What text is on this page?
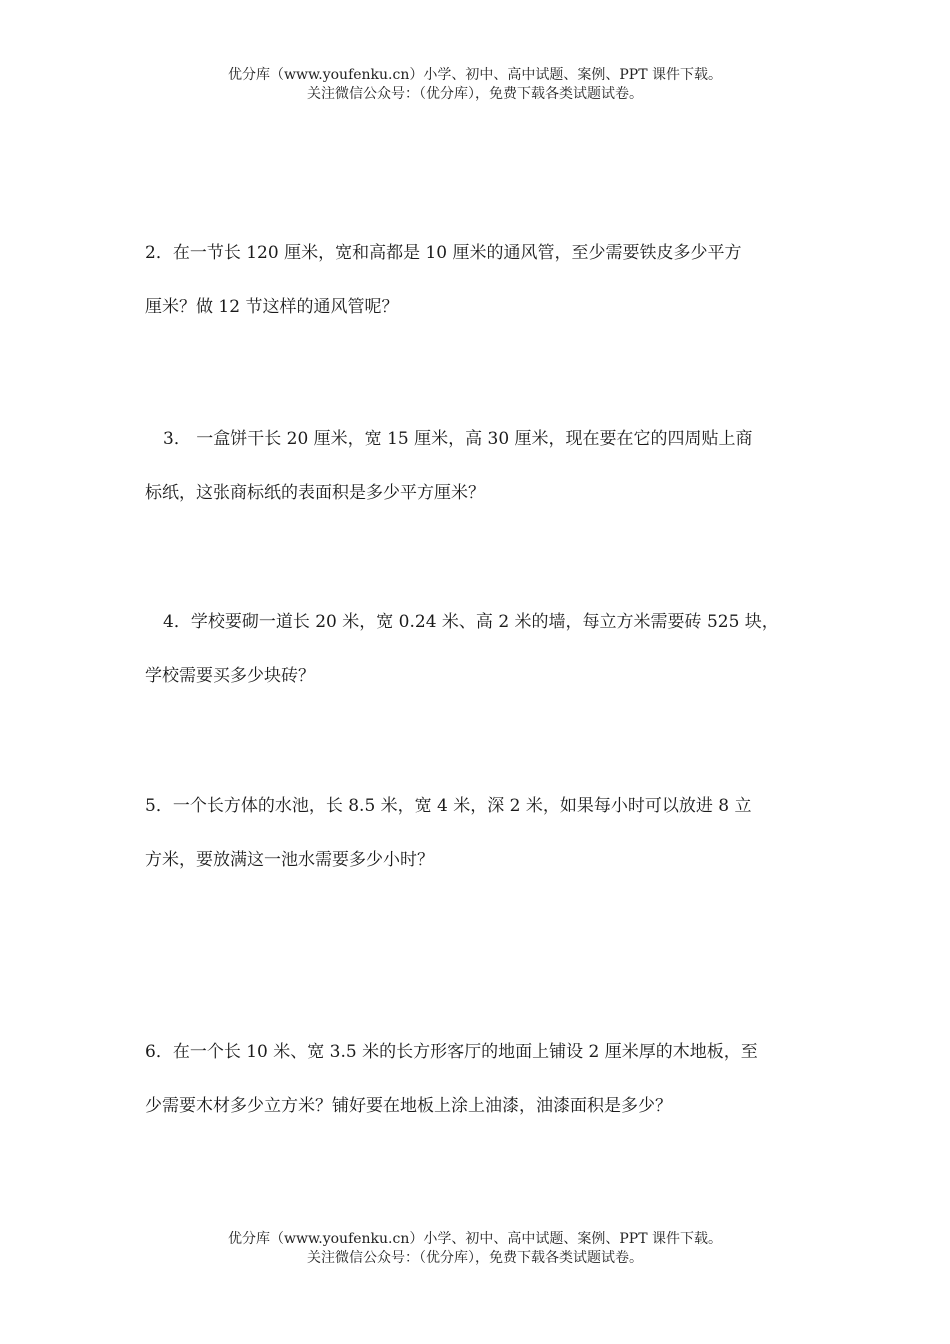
优分库（www.youfenku.cn）小学、初中、高中试题、案例、PPT 课件下载。
关注微信公众号：（优分库），免费下载各类试题试卷。
2．在一节长 120 厘米，宽和高都是 10 厘米的通风管，至少需要铁皮多少平方
厘米？做 12 节这样的通风管呢？
3． 一盒饼干长 20 厘米，宽 15 厘米，高 30 厘米，现在要在它的四周贴上商
标纸，这张商标纸的表面积是多少平方厘米？
4．学校要砌一道长 20 米，宽 0.24 米、高 2 米的墙，每立方米需要砖 525 块，
学校需要买多少块砖？
5．一个长方体的水池，长 8.5 米，宽 4 米，深 2 米，如果每小时可以放进 8 立
方米，要放满这一池水需要多少小时？
6．在一个长 10 米、宽 3.5 米的长方形客厅的地面上铺设 2 厘米厚的木地板，至
少需要木材多少立方米？铺好要在地板上涂上油漆，油漆面积是多少？
优分库（www.youfenku.cn）小学、初中、高中试题、案例、PPT 课件下载。
关注微信公众号：（优分库），免费下载各类试题试卷。
